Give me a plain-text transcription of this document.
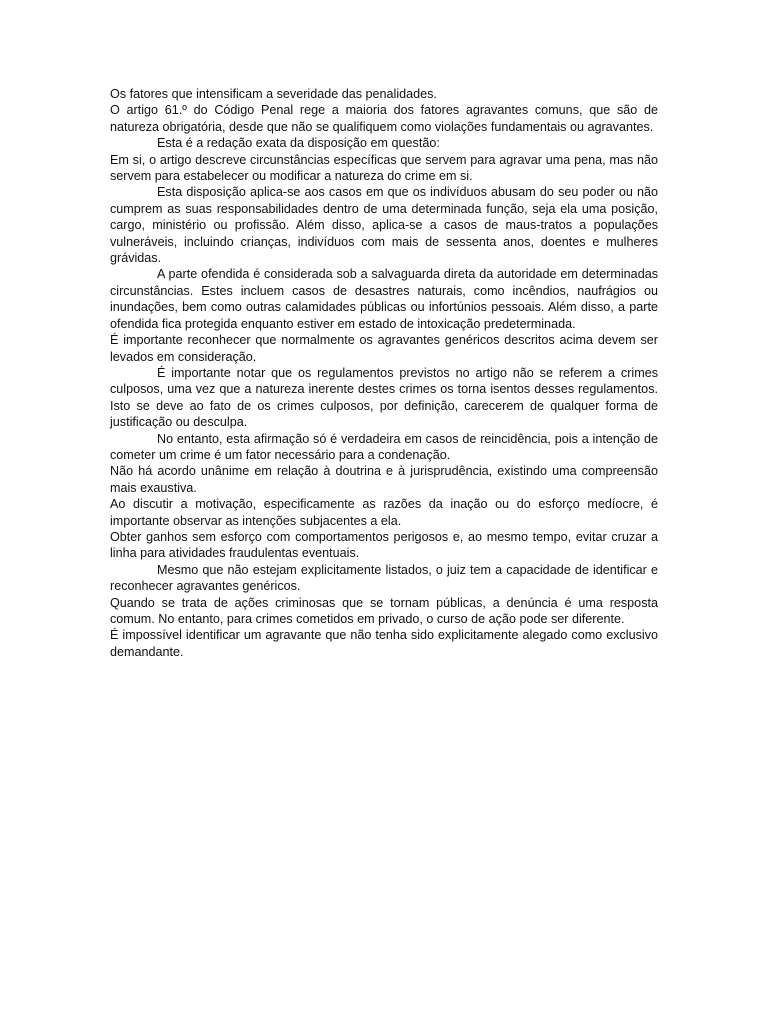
Os fatores que intensificam a severidade das penalidades.

O artigo 61.º do Código Penal rege a maioria dos fatores agravantes comuns, que são de natureza obrigatória, desde que não se qualifiquem como violações fundamentais ou agravantes.

Esta é a redação exata da disposição em questão:

Em si, o artigo descreve circunstâncias específicas que servem para agravar uma pena, mas não servem para estabelecer ou modificar a natureza do crime em si.

Esta disposição aplica-se aos casos em que os indivíduos abusam do seu poder ou não cumprem as suas responsabilidades dentro de uma determinada função, seja ela uma posição, cargo, ministério ou profissão. Além disso, aplica-se a casos de maus-tratos a populações vulneráveis, incluindo crianças, indivíduos com mais de sessenta anos, doentes e mulheres grávidas.

A parte ofendida é considerada sob a salvaguarda direta da autoridade em determinadas circunstâncias. Estes incluem casos de desastres naturais, como incêndios, naufrágios ou inundações, bem como outras calamidades públicas ou infortúnios pessoais. Além disso, a parte ofendida fica protegida enquanto estiver em estado de intoxicação predeterminada.

É importante reconhecer que normalmente os agravantes genéricos descritos acima devem ser levados em consideração.

É importante notar que os regulamentos previstos no artigo não se referem a crimes culposos, uma vez que a natureza inerente destes crimes os torna isentos desses regulamentos. Isto se deve ao fato de os crimes culposos, por definição, carecerem de qualquer forma de justificação ou desculpa.

No entanto, esta afirmação só é verdadeira em casos de reincidência, pois a intenção de cometer um crime é um fator necessário para a condenação.

Não há acordo unânime em relação à doutrina e à jurisprudência, existindo uma compreensão mais exaustiva.

Ao discutir a motivação, especificamente as razões da inação ou do esforço medíocre, é importante observar as intenções subjacentes a ela.

Obter ganhos sem esforço com comportamentos perigosos e, ao mesmo tempo, evitar cruzar a linha para atividades fraudulentas eventuais.

Mesmo que não estejam explicitamente listados, o juiz tem a capacidade de identificar e reconhecer agravantes genéricos.

Quando se trata de ações criminosas que se tornam públicas, a denúncia é uma resposta comum. No entanto, para crimes cometidos em privado, o curso de ação pode ser diferente.

É impossível identificar um agravante que não tenha sido explicitamente alegado como exclusivo demandante.
